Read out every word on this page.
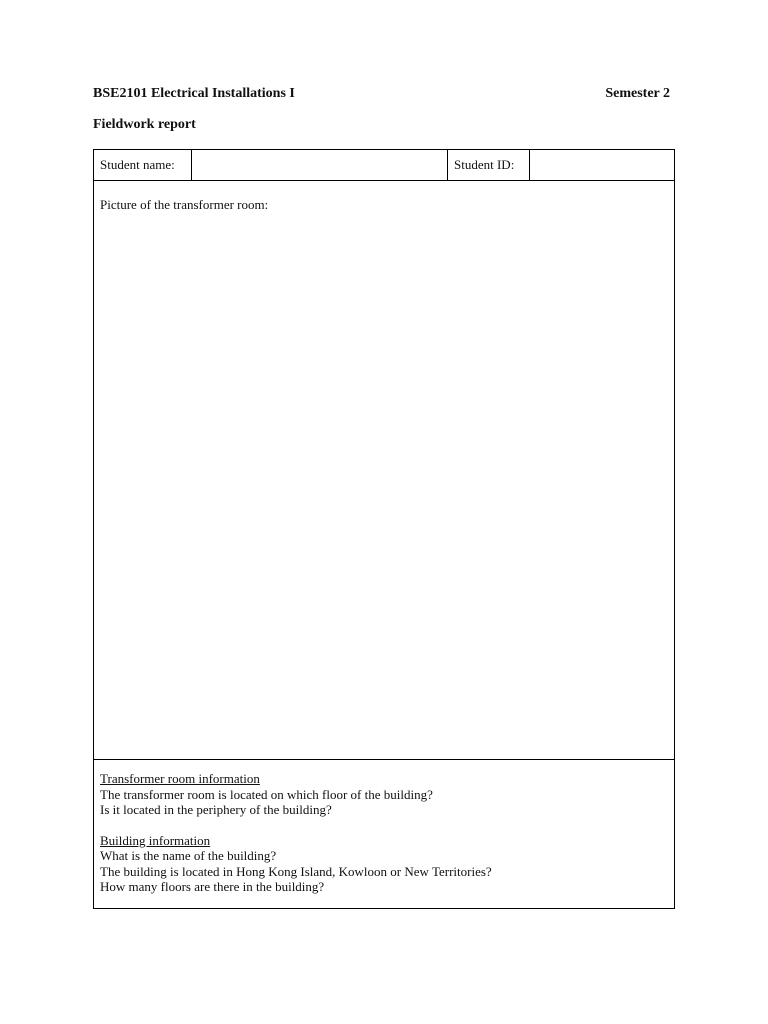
BSE2101 Electrical Installations I	Semester 2
Fieldwork report
Student name:	Student ID:
Picture of the transformer room:
Transformer room information
The transformer room is located on which floor of the building?
Is it located in the periphery of the building?
Building information
What is the name of the building?
The building is located in Hong Kong Island, Kowloon or New Territories?
How many floors are there in the building?
